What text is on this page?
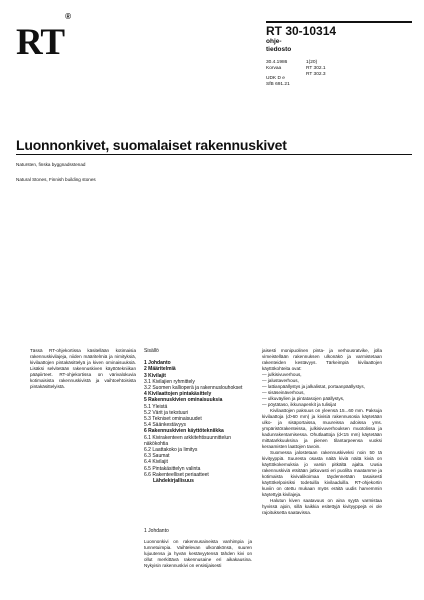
RT®
RT 30-10314
ohje-
tiedosto
30.4.1986	1(20)
Korvaa	RT 302.1
RT 302.3
UDK D e
SfB 691.21
Luonnonkivet, suomalaiset rakennuskivet
Natursten, finska byggnadsstenad
Natural Stones, Finnish building stones
Tässä RT-ohjekortissa käsitellään kotimaisia rakennuskivilajeja, niiden määritelmiä ja nimityksiä, kivilaattojen pintakäsittelyä ja kiven ominaisuuksiä. Lisäksi selvitetään rakennuskiven käyttötekniikan pääpiirteet. RT-ohjekortissa on värivalokuvia kotimaisista rakennuskivistä ja vaihtoehtoisista pintakäsittelyistä.
Sisällö
1 Johdanto
2 Määritelmiä
3 Kivilajit
3.1 Kivilajien ryhmittely
3.2 Suomen kallioperä ja rakennuslouhokset
4 Kivilaattojen pintakäsittely
5 Rakennuskivien ominaisuuksia
5.1 Yleistä
5.2 Värit ja tekstuuri
5.3 Tekniset ominaisuudet
5.4 Säänkestävyys
6 Rakennuskivien käyttötekniikka
6.1 Kivirakenteen arkkitehtisuunnittelun näkökohtia
6.2 Laattakoko ja limitys
6.3 Saumat
6.4 Kivilajit
6.5 Pintakäsittelyn valinta
6.6 Rakenteelliset periaatteet
Lähdekirjallisuus
1 Johdanto
Luonnonkivi on rakennusaineista vanhimpia ja tunnetuimpia. Vaihtelevan ulkonäkönsä, suuren lujuutensa ja hyvän kestävyytensä tähden kivi on ollut merkittävä rakennusaine eri aikakausina. Nykyisin rakennuskivi on ensisijaisesti
jaisesti monipuolinen pinta- ja verhousratvike, jolla vimeistellään rakennuksen ulkonäkö ja varmistetaan rakenteiden kestävyys. Tärkeimpiä kivilaattojen käyttökohteita ovat:
— julkisivuverhous,
— jalustaverhous,
— lattianpäällystys ja jalkalistat, portaanpäällystys,
— sisäseinäverhous,
— ulkuväylien ja pintatasojen päällystys,
— pöytätaso, ikkunapenkit ja tulisijat
Kivilaattojen paksuus on yleensä 15...60 mm. Paksuja kivilaattoja (d>60 mm) ja kivisiä rakennusosia käytetään ulko- ja sisäportaissa, muureissa adoissa yms. ympäristörakenteissa, julkisivuverhouksen muotolissa ja kadunrakentamisessa. Ohutlaattoja (d<15 mm) käytetään mittatarkkuuksina ja pienen tilantarpeensa vuoksi keraamisten laattojen tavoin.
Suomessa jalostetaan rakennuskiveksi noin 50 tä kivityyppiä. Suuresta osasta näitä kiviä näitä kiviä on käyttökokemuksia jo varsin pitkältä ajalta. Uusia rakennuskiviä etsitään jatkuvasti eri puolilta maatamme ja kotimaista kivivalikoimaa täydennetään tasaisesti käyttökelpoisiksi todetuilla kivilaaduilla. RT-ohjekortin kuviin on otettu mukaan myös eräitä uudis harvemmin käytettyjä kivilajeja.
Halutun kiven saatavuus on aina syytä varmistaa hyvissä ajoin, sillä kaikkia esitettyjä kivityyppejä ei ole rajoituksetta saatavissa.
